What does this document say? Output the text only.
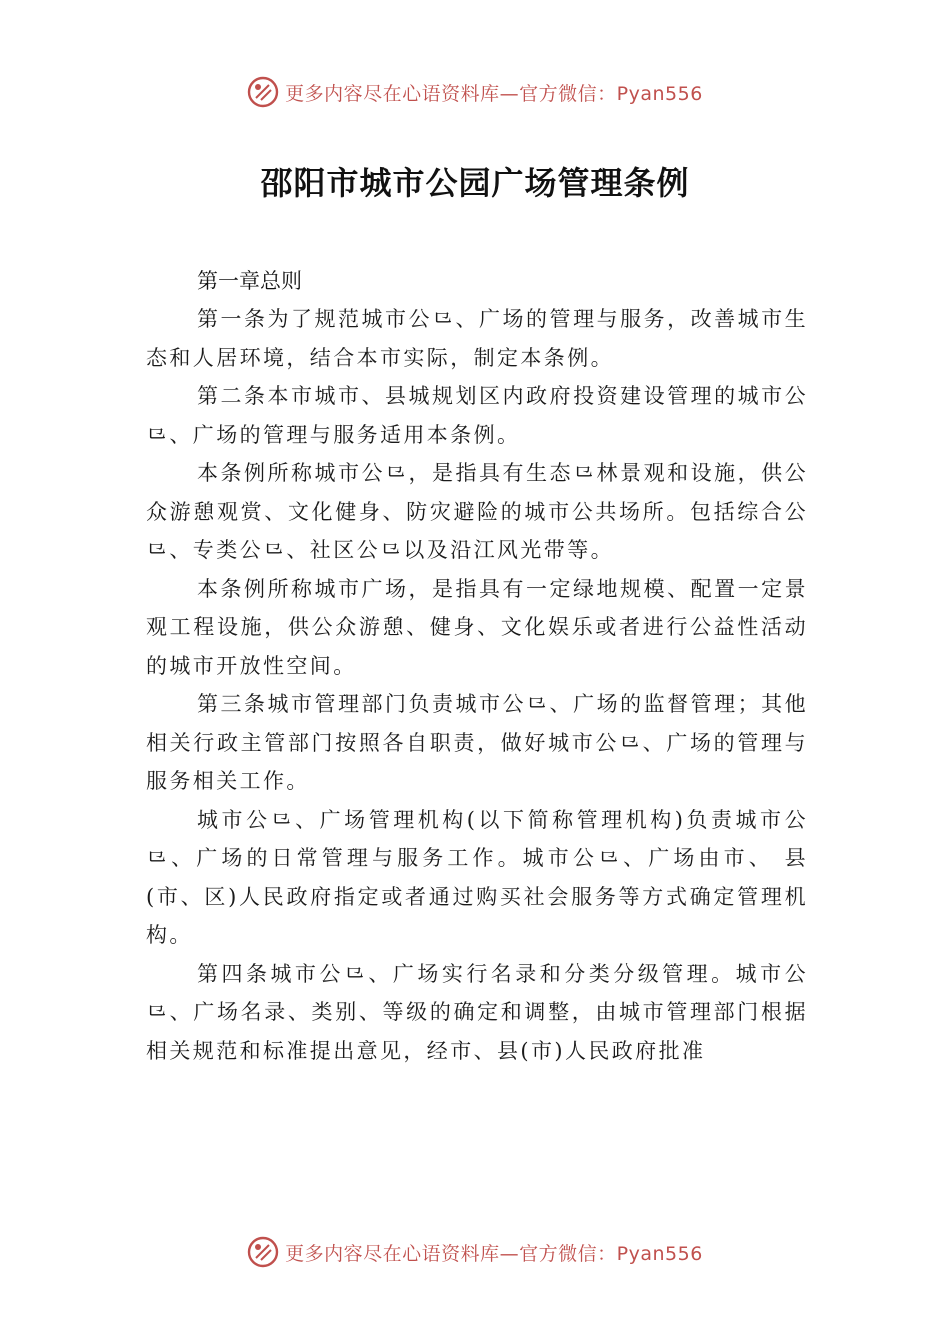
更多内容尽在心语资料库—官方微信：Pyan556
邵阳市城市公园广场管理条例
第一章总则

第一条为了规范城市公⺋、广场的管理与服务，改善城市生态和人居环境，结合本市实际，制定本条例。

第二条本市城市、县城规划区内政府投资建设管理的城市公⺋、广场的管理与服务适用本条例。

本条例所称城市公⺋，是指具有生态⺋林景观和设施，供公众游憩观赏、文化健身、防灾避险的城市公共场所。包括综合公⺋、专类公⺋、社区公⺋以及沿江风光带等。

本条例所称城市广场，是指具有一定绿地规模、配置一定景观工程设施，供公众游憩、健身、文化娱乐或者进行公益性活动的城市开放性空间。

第三条城市管理部门负责城市公⺋、广场的监督管理；其他相关行政主管部门按照各自职责，做好城市公⺋、广场的管理与服务相关工作。

城市公⺋、广场管理机构(以下简称管理机构)负责城市公⺋、广场的日常管理与服务工作。城市公⺋、广场由市、 县(市、区)人民政府指定或者通过购买社会服务等方式确定管理机构。

第四条城市公⺋、广场实行名录和分类分级管理。城市公⺋、广场名录、类别、等级的确定和调整，由城市管理部门根据相关规范和标准提出意见，经市、县(市)人民政府批准

更多内容尽在心语资料库—官方微信：Pyan556
